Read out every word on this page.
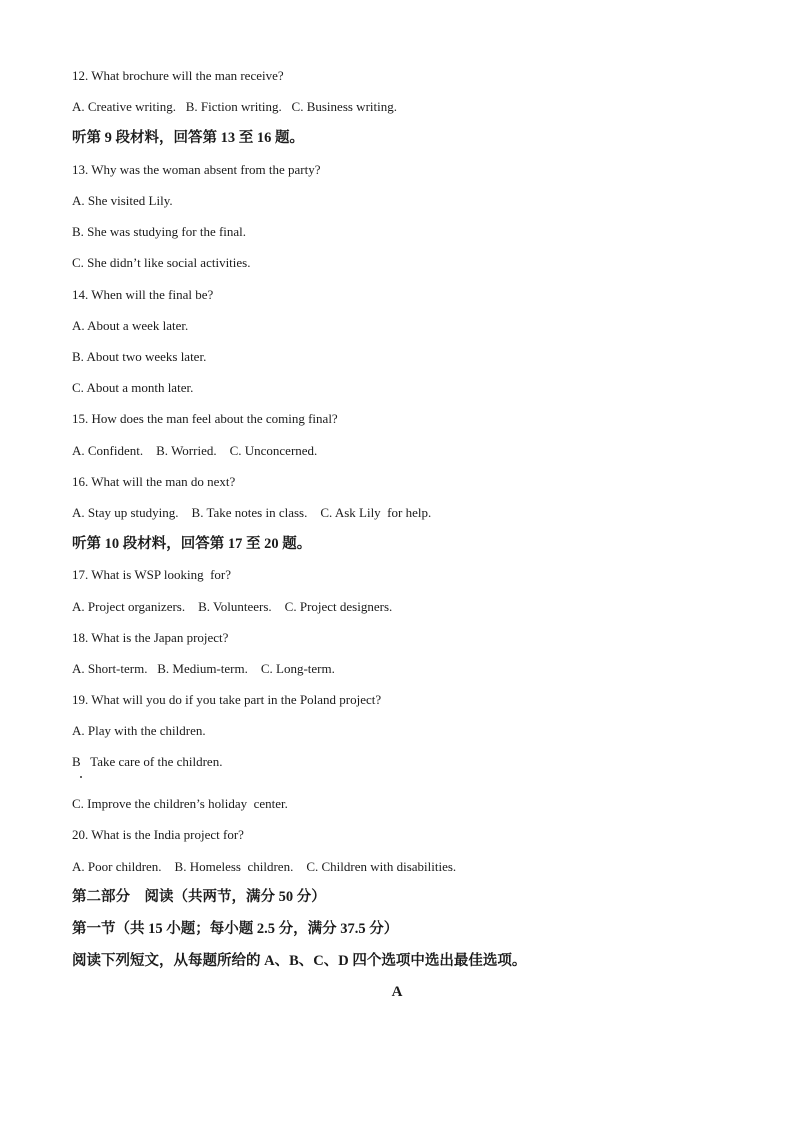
12. What brochure will the man receive?
A. Creative writing.   B. Fiction writing.   C. Business writing.
听第 9 段材料，回答第 13 至 16 题。
13. Why was the woman absent from the party?
A. She visited Lily.
B. She was studying for the final.
C. She didn’t like social activities.
14. When will the final be?
A. About a week later.
B. About two weeks later.
C. About a month later.
15. How does the man feel about the coming final?
A. Confident.    B. Worried.    C. Unconcerned.
16. What will the man do next?
A. Stay up studying.    B. Take notes in class.    C. Ask Lily  for help.
听第 10 段材料，回答第 17 至 20 题。
17. What is WSP looking  for?
A. Project organizers.    B. Volunteers.    C. Project designers.
18. What is the Japan project?
A. Short-term.   B. Medium-term.    C. Long-term.
19. What will you do if you take part in the Poland project?
A. Play with the children.
B   Take care of the children.
C. Improve the children’s holiday  center.
20. What is the India project for?
A. Poor children.    B. Homeless  children.    C. Children with disabilities.
第二部分    阅读（共两节，满分 50 分）
第一节（共 15 小题；每小题 2.5 分，满分 37.5 分）
阅读下列短文，从每题所给的 A、B、C、D 四个选项中选出最佳选项。
A
